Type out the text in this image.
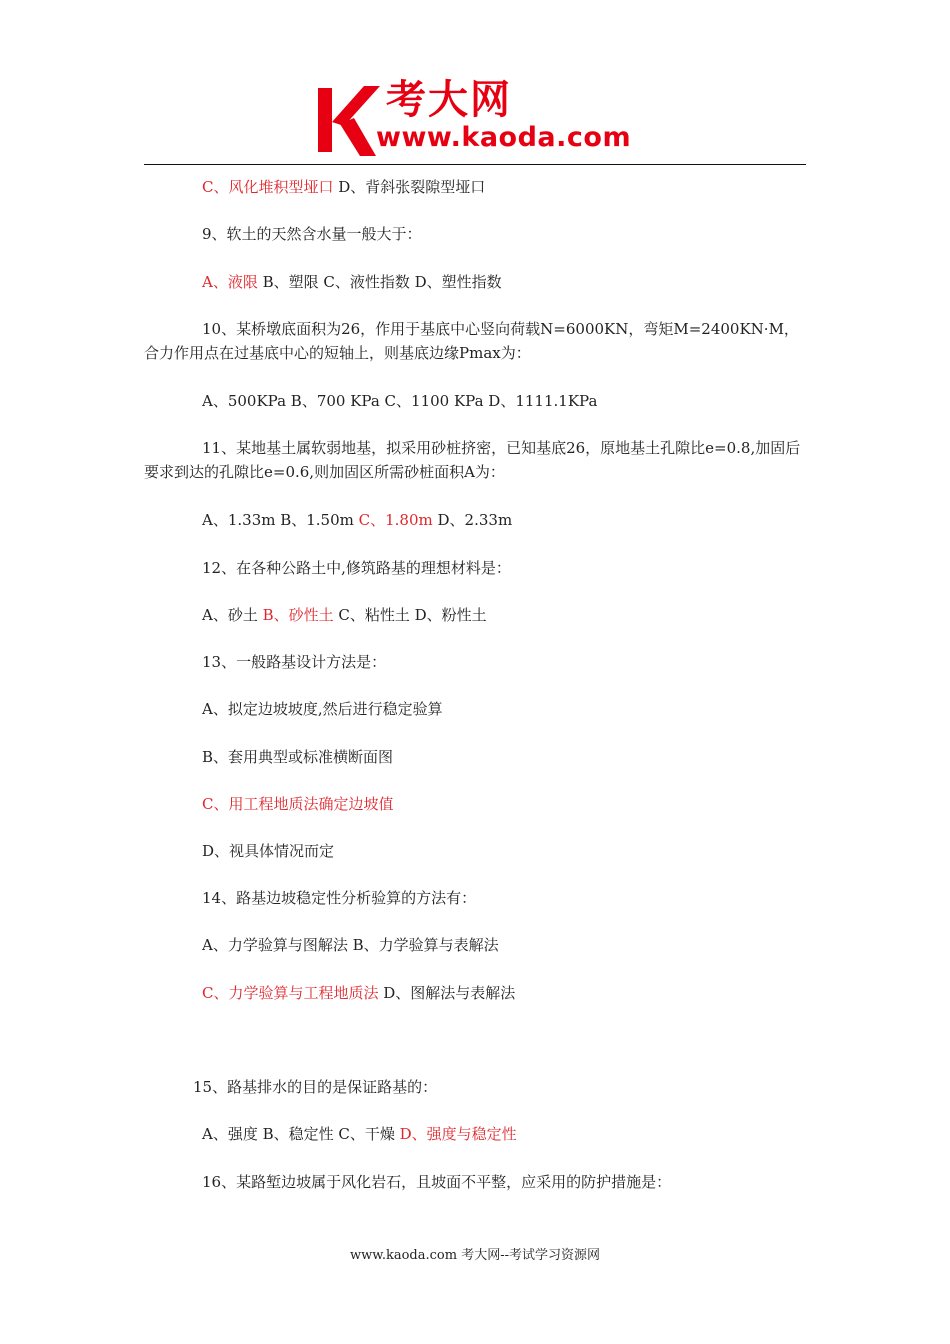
考大网
www.kaoda.com
C、风化堆积型垭口 D、背斜张裂隙型垭口
9、软土的天然含水量一般大于：
A、液限 B、塑限 C、液性指数 D、塑性指数
10、某桥墩底面积为26，作用于基底中心竖向荷载N=6000KN，弯矩M=2400KN·M，合力作用点在过基底中心的短轴上，则基底边缘Pmax为：
A、500KPa B、700 KPa C、1100 KPa D、1111.1KPa
11、某地基土属软弱地基，拟采用砂桩挤密，已知基底26，原地基土孔隙比e=0.8,加固后要求到达的孔隙比e=0.6,则加固区所需砂桩面积A为：
A、1.33m B、1.50m C、1.80m D、2.33m
12、在各种公路土中,修筑路基的理想材料是：
A、砂土 B、砂性土 C、粘性土 D、粉性土
13、一般路基设计方法是：
A、拟定边坡坡度,然后进行稳定验算
B、套用典型或标准横断面图
C、用工程地质法确定边坡值
D、视具体情况而定
14、路基边坡稳定性分析验算的方法有：
A、力学验算与图解法 B、力学验算与表解法
C、力学验算与工程地质法 D、图解法与表解法
15、路基排水的目的是保证路基的：
A、强度 B、稳定性 C、干燥 D、强度与稳定性
16、某路堑边坡属于风化岩石，且坡面不平整，应采用的防护措施是：
www.kaoda.com 考大网--考试学习资源网
